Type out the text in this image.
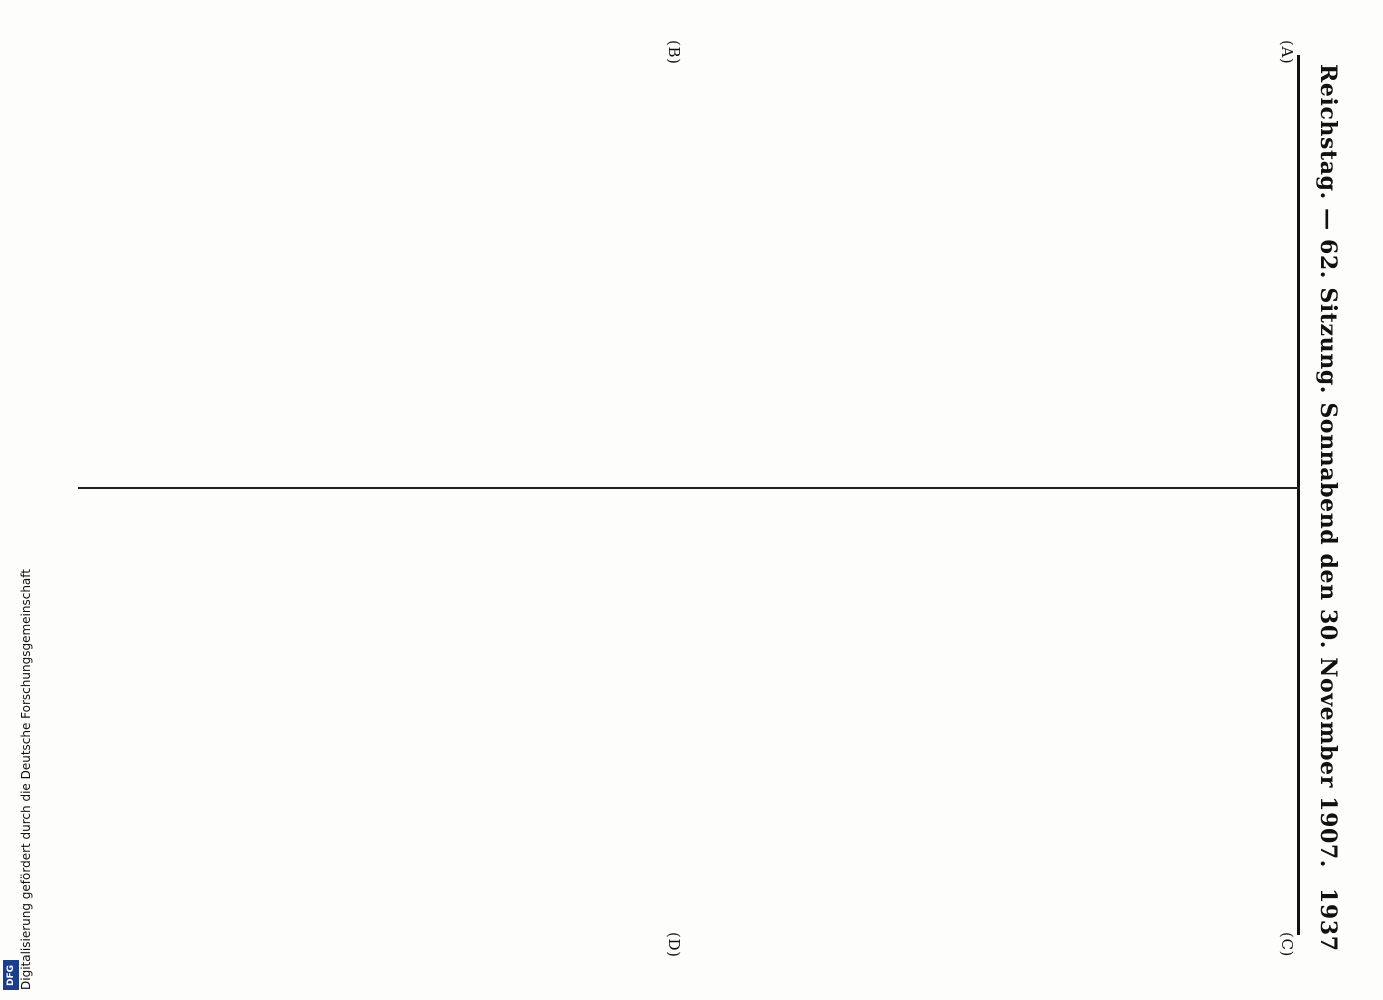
Reichstag. — 62. Sitzung. Sonnabend den 30. November 1907.
1937
(A)
(B)
(C)
(D)
Digitalisierung gefördert durch die Deutsche Forschungsgemeinschaft
DFG
